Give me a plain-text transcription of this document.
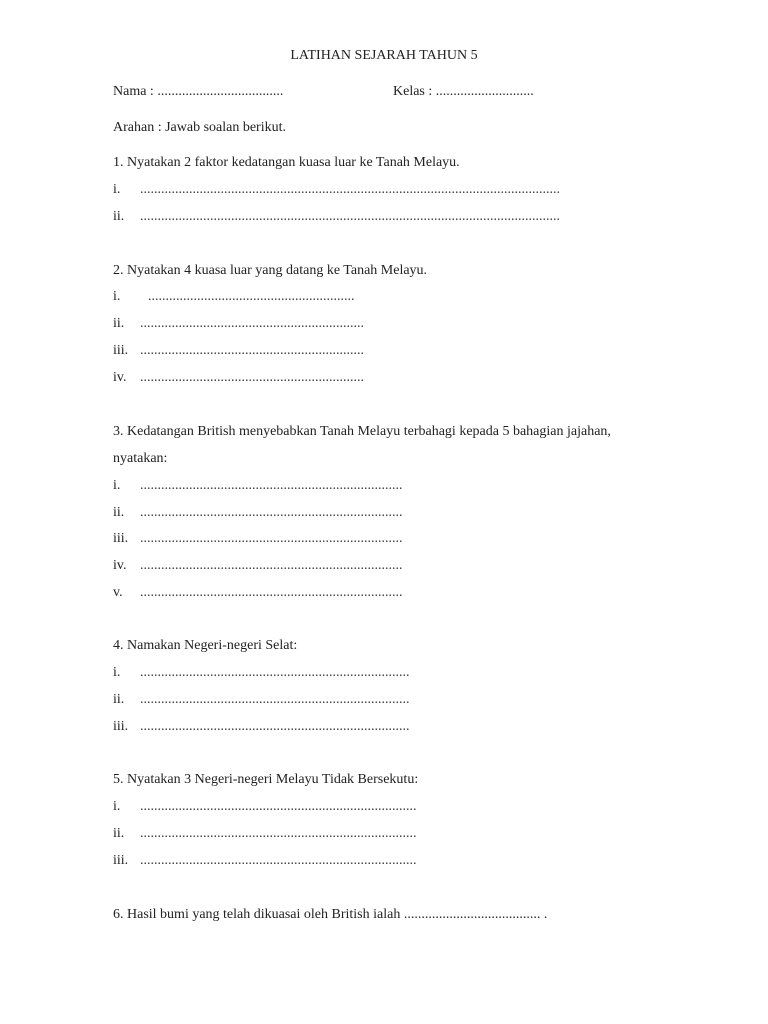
LATIHAN SEJARAH TAHUN 5
Nama : ....................................	Kelas : ............................
Arahan : Jawab soalan berikut.
1. Nyatakan 2 faktor kedatangan kuasa luar ke Tanah Melayu.
i. ........................................................................................................................
ii. ........................................................................................................................
2. Nyatakan 4 kuasa luar yang datang ke Tanah Melayu.
i. ...........................................................
ii. ................................................................
iii. ................................................................
iv. ................................................................
3. Kedatangan British menyebabkan Tanah Melayu terbahagi kepada 5 bahagian jajahan,
nyatakan:
i. ...........................................................................
ii. ...........................................................................
iii. ...........................................................................
iv. ...........................................................................
v. ...........................................................................
4. Namakan Negeri-negeri Selat:
i. .............................................................................
ii. .............................................................................
iii. .............................................................................
5. Nyatakan 3 Negeri-negeri Melayu Tidak Bersekutu:
i. ...............................................................................
ii. ...............................................................................
iii. ...............................................................................
6. Hasil bumi yang telah dikuasai oleh British ialah ....................................... .
